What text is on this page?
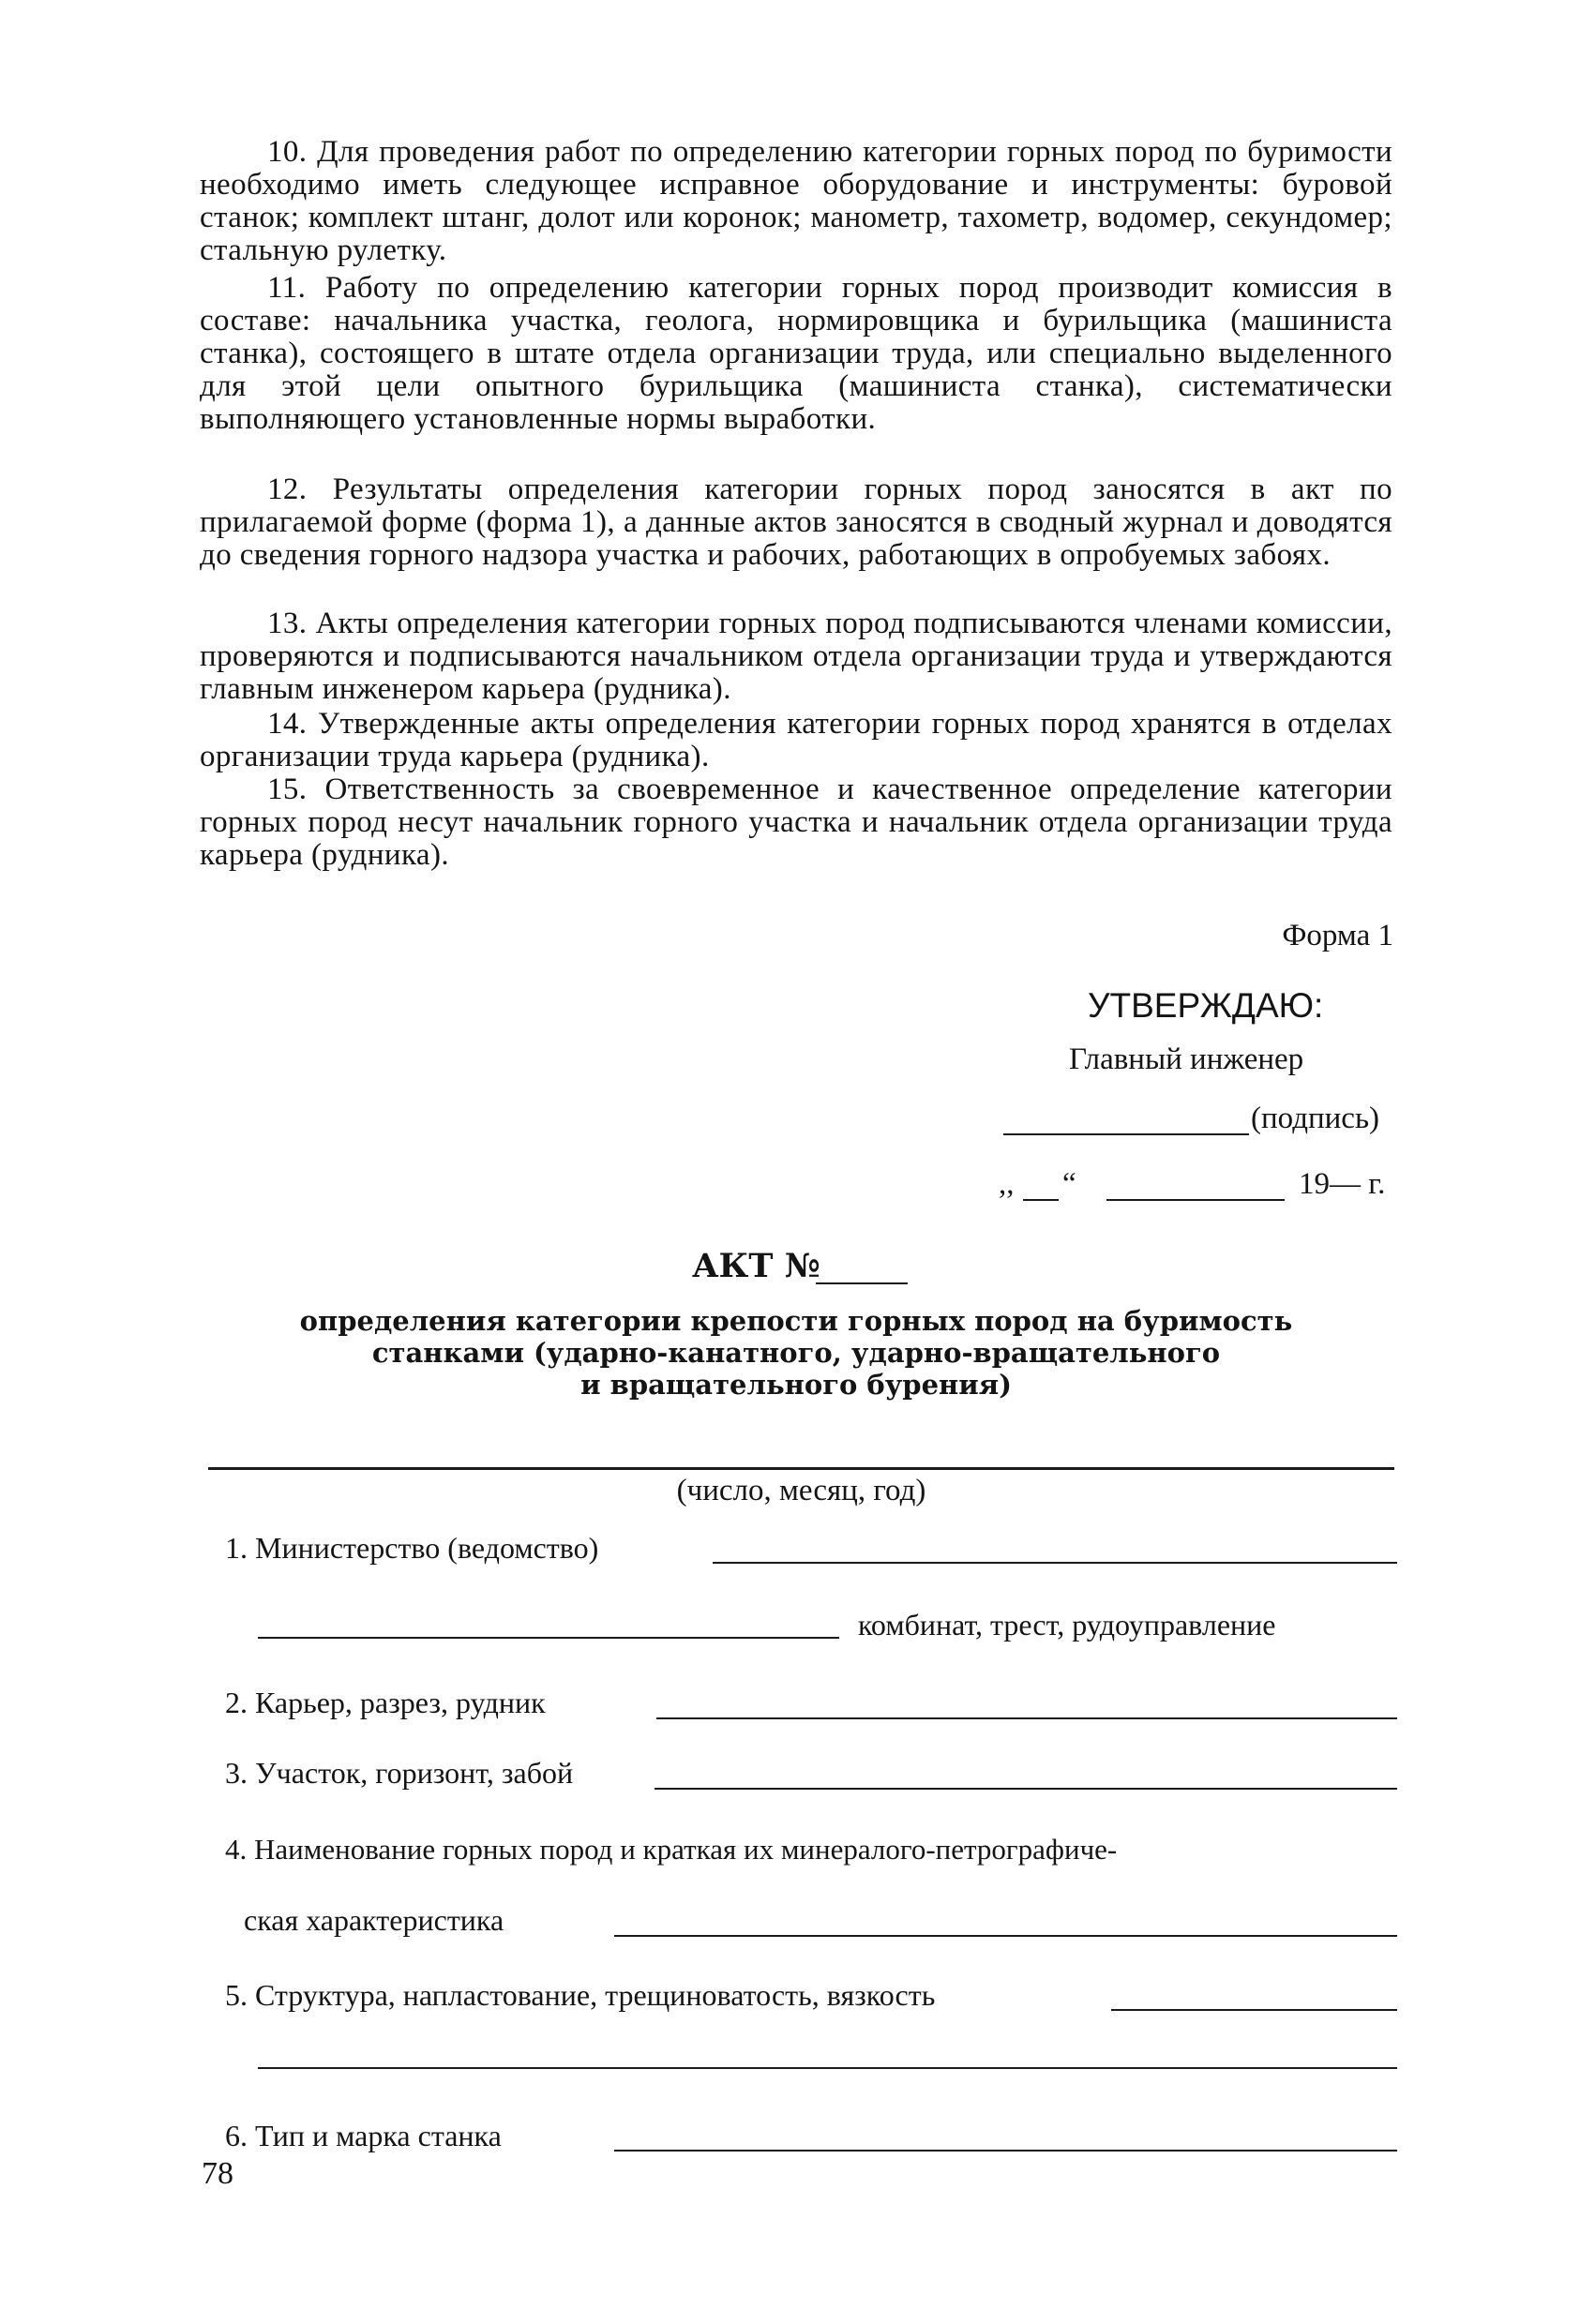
10. Для проведения работ по определению категории горных пород по буримости необходимо иметь следующее исправное оборудование и инструменты: буровой станок; комплект штанг, долот или коронок; манометр, тахометр, водомер, секундомер; стальную рулетку.

11. Работу по определению категории горных пород производит комиссия в составе: начальника участка, геолога, нормировщика и бурильщика (машиниста станка), состоящего в штате отдела организации труда, или специально выделенного для этой цели опытного бурильщика (машиниста станка), систематически выполняющего установленные нормы выработки.

12. Результаты определения категории горных пород заносятся в акт по прилагаемой форме (форма 1), а данные актов заносятся в сводный журнал и доводятся до сведения горного надзора участка и рабочих, работающих в опробуемых забоях.

13. Акты определения категории горных пород подписываются членами комиссии, проверяются и подписываются начальником отдела организации труда и утверждаются главным инженером карьера (рудника).

14. Утвержденные акты определения категории горных пород хранятся в отделах организации труда карьера (рудника).

15. Ответственность за своевременное и качественное определение категории горных пород несут начальник горного участка и начальник отдела организации труда карьера (рудника).

Форма 1
УТВЕРЖДАЮ:
Главный инженер
(подпись)
,, “	19— г.
АКТ №
определения категории крепости горных пород на буримость
станками (ударно-канатного, ударно-вращательного
и вращательного бурения)
(число, месяц, год)
1. Министерство (ведомство)
комбинат, трест, рудоуправление
2. Карьер, разрез, рудник
3. Участок, горизонт, забой
4. Наименование горных пород и краткая их минералого-петрографиче-
ская характеристика
5. Структура, напластование, трещиноватость, вязкость
6. Тип и марка станка
78
